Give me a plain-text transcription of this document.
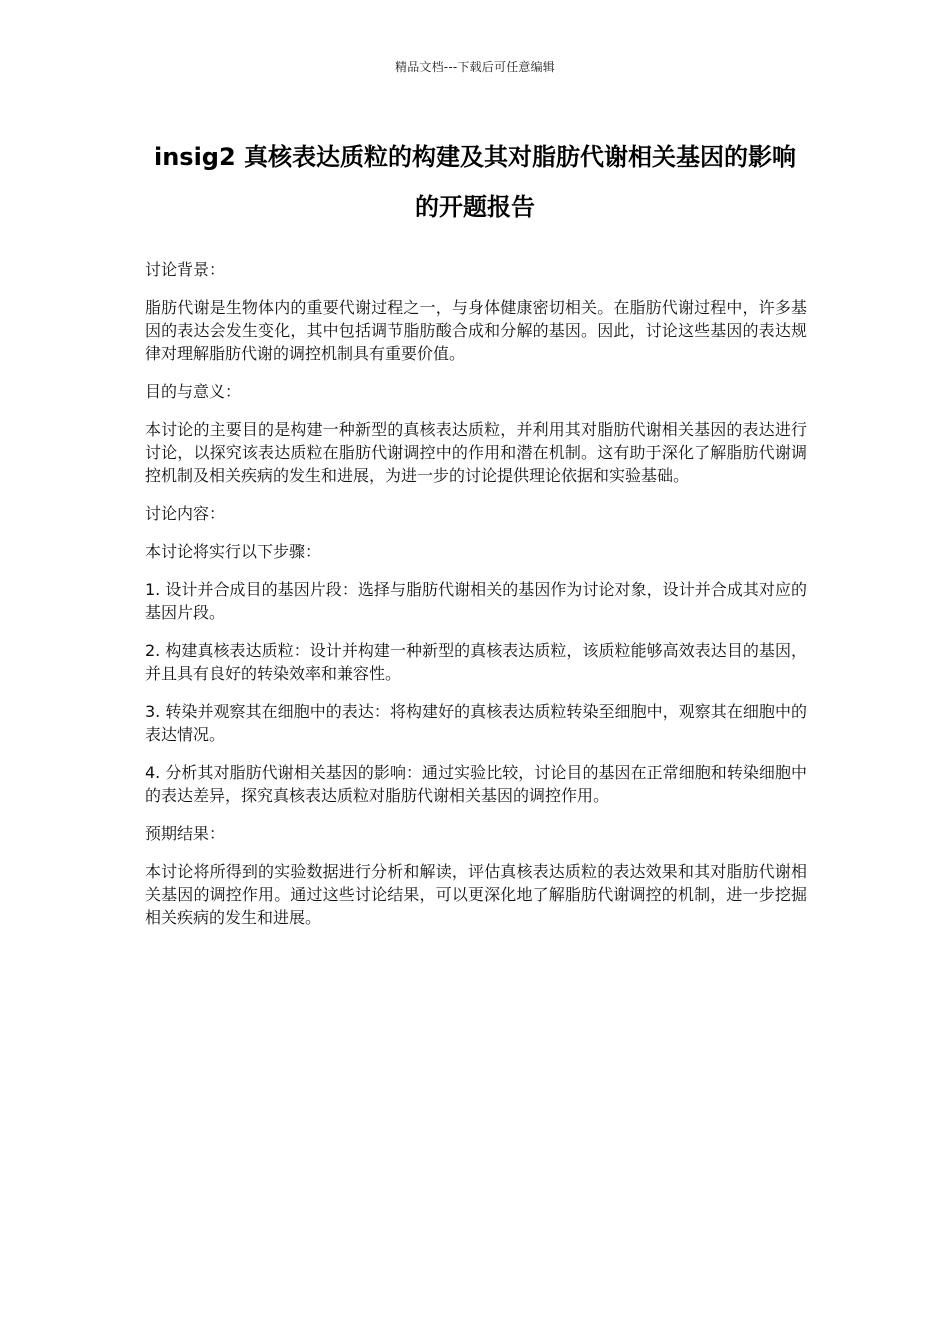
精品文档---下载后可任意编辑
insig2 真核表达质粒的构建及其对脂肪代谢相关基因的影响
的开题报告

讨论背景：

脂肪代谢是生物体内的重要代谢过程之一，与身体健康密切相关。在脂肪代谢过程中，许多基因的表达会发生变化，其中包括调节脂肪酸合成和分解的基因。因此，讨论这些基因的表达规律对理解脂肪代谢的调控机制具有重要价值。

目的与意义：

本讨论的主要目的是构建一种新型的真核表达质粒，并利用其对脂肪代谢相关基因的表达进行讨论，以探究该表达质粒在脂肪代谢调控中的作用和潜在机制。这有助于深化了解脂肪代谢调控机制及相关疾病的发生和进展，为进一步的讨论提供理论依据和实验基础。

讨论内容：

本讨论将实行以下步骤：

1. 设计并合成目的基因片段：选择与脂肪代谢相关的基因作为讨论对象，设计并合成其对应的基因片段。

2. 构建真核表达质粒：设计并构建一种新型的真核表达质粒，该质粒能够高效表达目的基因，并且具有良好的转染效率和兼容性。

3. 转染并观察其在细胞中的表达：将构建好的真核表达质粒转染至细胞中，观察其在细胞中的表达情况。

4. 分析其对脂肪代谢相关基因的影响：通过实验比较，讨论目的基因在正常细胞和转染细胞中的表达差异，探究真核表达质粒对脂肪代谢相关基因的调控作用。

预期结果：

本讨论将所得到的实验数据进行分析和解读，评估真核表达质粒的表达效果和其对脂肪代谢相关基因的调控作用。通过这些讨论结果，可以更深化地了解脂肪代谢调控的机制，进一步挖掘相关疾病的发生和进展。
